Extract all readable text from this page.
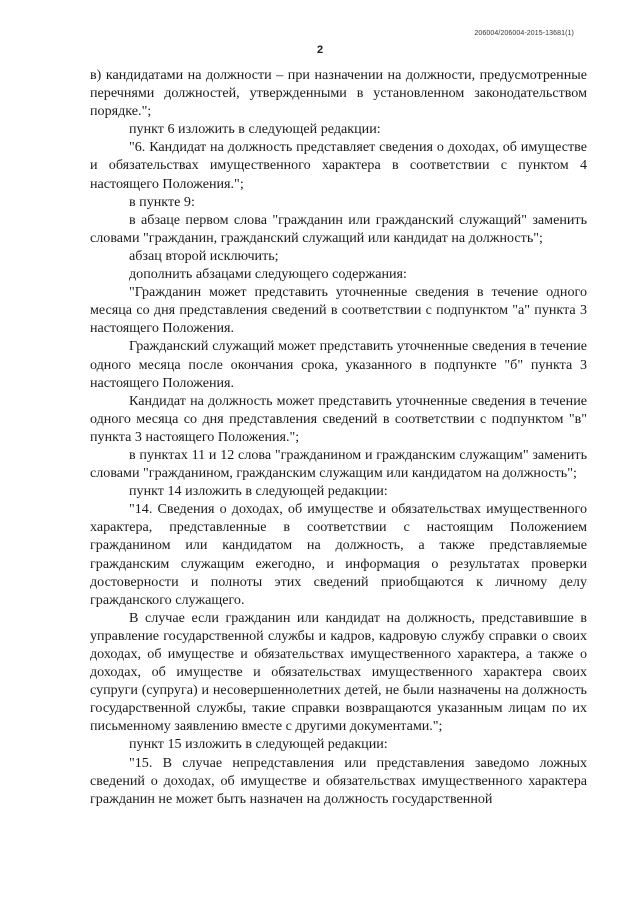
206004/206004-2015-13681(1)
2

в) кандидатами на должности – при назначении на должности, предусмотренные перечнями должностей, утвержденными в установленном законодательством порядке.";

пункт 6 изложить в следующей редакции:

"6. Кандидат на должность представляет сведения о доходах, об имуществе и обязательствах имущественного характера в соответствии с пунктом 4 настоящего Положения.";

в пункте 9:

в абзаце первом слова "гражданин или гражданский служащий" заменить словами "гражданин, гражданский служащий или кандидат на должность";

абзац второй исключить;

дополнить абзацами следующего содержания:

"Гражданин может представить уточненные сведения в течение одного месяца со дня представления сведений в соответствии с подпунктом "а" пункта 3 настоящего Положения.

Гражданский служащий может представить уточненные сведения в течение одного месяца после окончания срока, указанного в подпункте "б" пункта 3 настоящего Положения.

Кандидат на должность может представить уточненные сведения в течение одного месяца со дня представления сведений в соответствии с подпунктом "в" пункта 3 настоящего Положения.";

в пунктах 11 и 12 слова "гражданином и гражданским служащим" заменить словами "гражданином, гражданским служащим или кандидатом на должность";

пункт 14 изложить в следующей редакции:

"14. Сведения о доходах, об имуществе и обязательствах имущественного характера, представленные в соответствии с настоящим Положением гражданином или кандидатом на должность, а также представляемые гражданским служащим ежегодно, и информация о результатах проверки достоверности и полноты этих сведений приобщаются к личному делу гражданского служащего.

В случае если гражданин или кандидат на должность, представившие в управление государственной службы и кадров, кадровую службу справки о своих доходах, об имуществе и обязательствах имущественного характера, а также о доходах, об имуществе и обязательствах имущественного характера своих супруги (супруга) и несовершеннолетних детей, не были назначены на должность государственной службы, такие справки возвращаются указанным лицам по их письменному заявлению вместе с другими документами.";

пункт 15 изложить в следующей редакции:

"15. В случае непредставления или представления заведомо ложных сведений о доходах, об имуществе и обязательствах имущественного характера гражданин не может быть назначен на должность государственной
